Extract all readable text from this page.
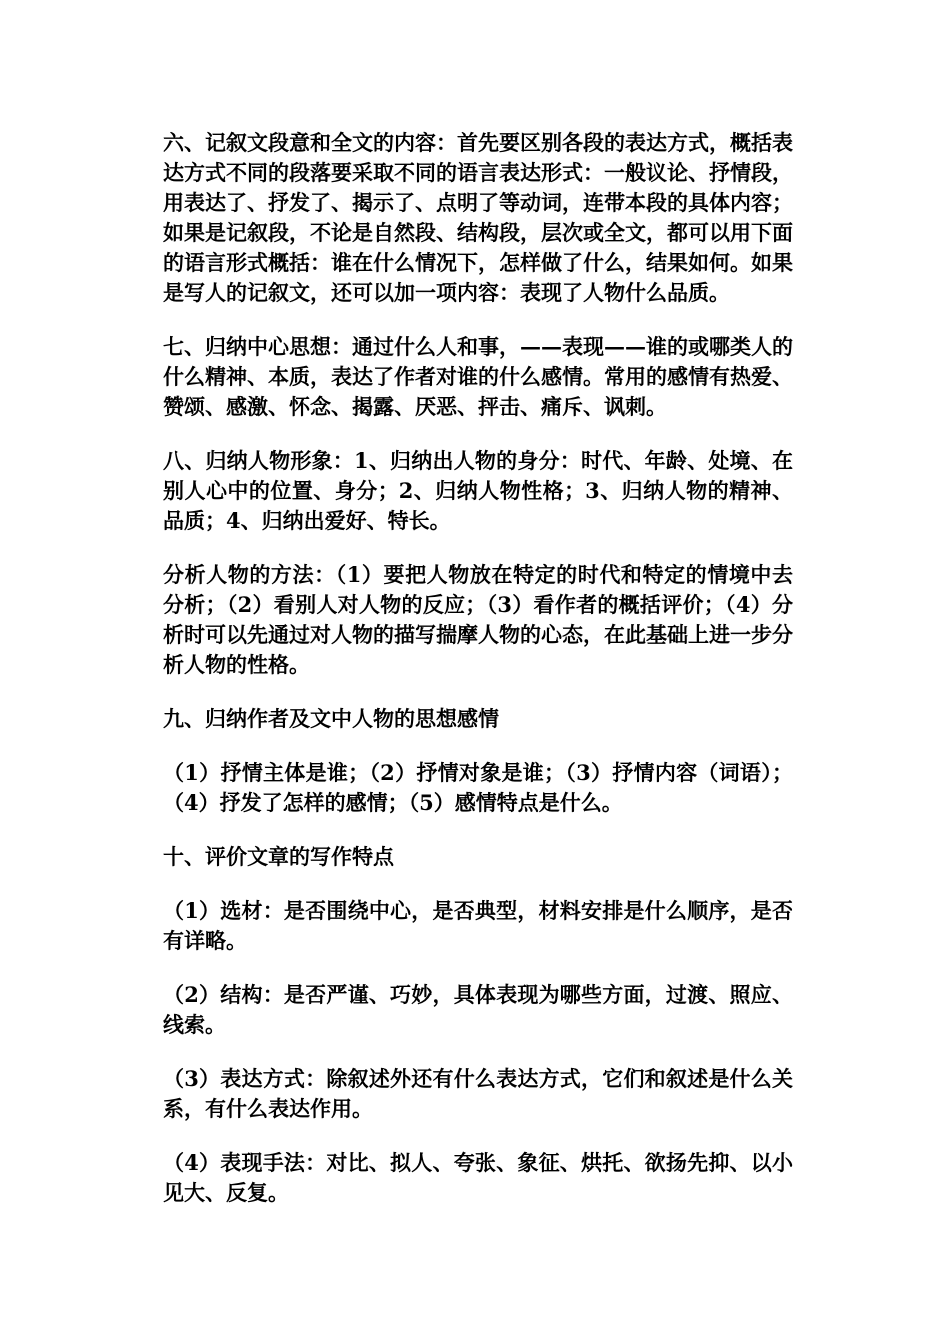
六、记叙文段意和全文的内容：首先要区别各段的表达方式，概括表达方式不同的段落要采取不同的语言表达形式：一般议论、抒情段，用表达了、抒发了、揭示了、点明了等动词，连带本段的具体内容；如果是记叙段，不论是自然段、结构段，层次或全文，都可以用下面的语言形式概括：谁在什么情况下，怎样做了什么，结果如何。如果是写人的记叙文，还可以加一项内容：表现了人物什么品质。

七、归纳中心思想：通过什么人和事，——表现——谁的或哪类人的什么精神、本质，表达了作者对谁的什么感情。常用的感情有热爱、赞颂、感激、怀念、揭露、厌恶、抨击、痛斥、讽刺。

八、归纳人物形象：1、归纳出人物的身分：时代、年龄、处境、在别人心中的位置、身分；2、归纳人物性格；3、归纳人物的精神、品质；4、归纳出爱好、特长。

分析人物的方法：（1）要把人物放在特定的时代和特定的情境中去分析；（2）看别人对人物的反应；（3）看作者的概括评价；（4）分析时可以先通过对人物的描写揣摩人物的心态，在此基础上进一步分析人物的性格。

九、归纳作者及文中人物的思想感情

（1）抒情主体是谁；（2）抒情对象是谁；（3）抒情内容（词语）；（4）抒发了怎样的感情；（5）感情特点是什么。

十、评价文章的写作特点

（1）选材：是否围绕中心，是否典型，材料安排是什么顺序，是否有详略。

（2）结构：是否严谨、巧妙，具体表现为哪些方面，过渡、照应、线索。

（3）表达方式：除叙述外还有什么表达方式，它们和叙述是什么关系，有什么表达作用。

（4）表现手法：对比、拟人、夸张、象征、烘托、欲扬先抑、以小见大、反复。
